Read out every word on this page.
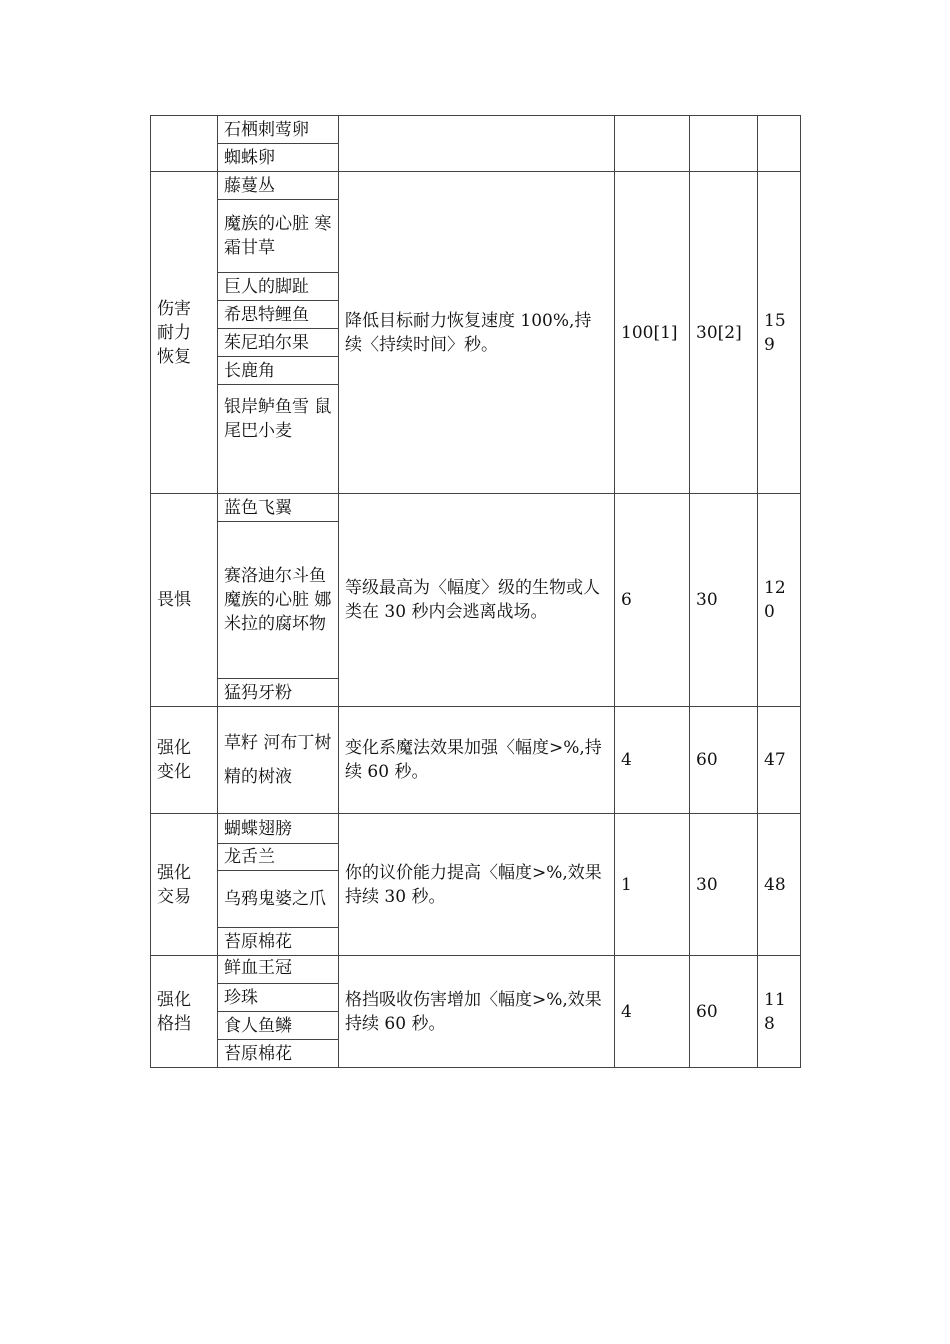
	石栖刺莺卵				
	蜘蛛卵				

伤害
耐力
恢复	藤蔓丛	降低目标耐力恢复速度 100%,持续〈持续时间〉秒。	100[1]	30[2]	159
	魔族的心脏 寒霜甘草				
	巨人的脚趾				
	希思特鲤鱼				
	茱尼珀尔果				
	长鹿角				
	银岸鲈鱼雪 鼠尾巴小麦				

畏惧	蓝色飞翼	等级最高为〈幅度〉级的生物或人类在 30 秒内会逃离战场。	6	30	120
	赛洛迪尔斗鱼 魔族的心脏 娜米拉的腐坏物				
	猛犸牙粉				

强化
变化	草籽 河布丁树精的树液	变化系魔法效果加强〈幅度>%,持续 60 秒。	4	60	47

强化
交易	蝴蝶翅膀	你的议价能力提高〈幅度>%,效果持续 30 秒。	1	30	48
	龙舌兰				
	乌鸦鬼婆之爪				
	苔原棉花				

强化
格挡	鲜血王冠	格挡吸收伤害增加〈幅度>%,效果持续 60 秒。	4	60	118
	珍珠				
	食人鱼鳞				
	苔原棉花				
